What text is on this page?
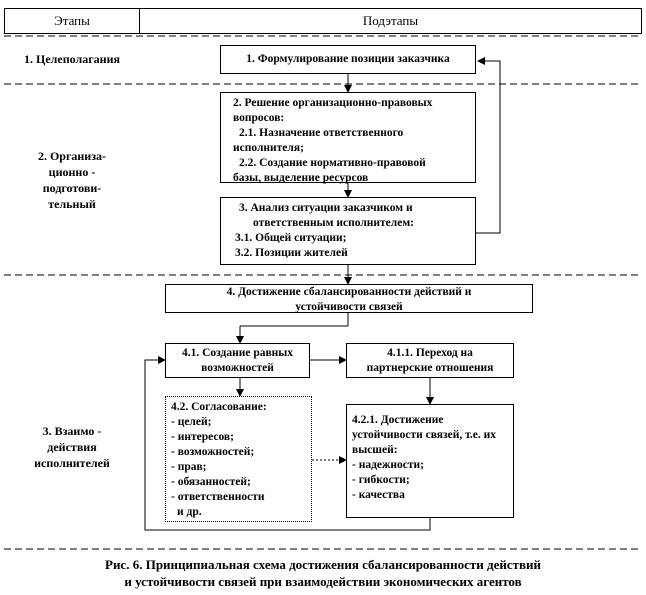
Этапы	Подэтапы
1. Целеполагания
2. Организа-
ционно -
подготови-
тельный
3. Взаимо -
действия
исполнителей
1. Формулирование позиции заказчика
2. Решение организационно-правовых
вопросов:
2.1. Назначение ответственного
исполнителя;
2.2. Создание нормативно-правовой
базы, выделение ресурсов
3. Анализ ситуации заказчиком и
ответственным исполнителем:
3.1. Общей ситуации;
3.2. Позиции жителей
4. Достижение сбалансированности действий и
устойчивости связей
4.1. Создание равных
возможностей
4.1.1. Переход на
партнерские отношения
4.2. Согласование:
- целей;
- интересов;
- возможностей;
- прав;
- обязанностей;
- ответственности
и др.
4.2.1. Достижение
устойчивости связей, т.е. их
высшей:
- надежности;
- гибкости;
- качества
Рис. 6. Принципиальная схема достижения сбалансированности действий
и устойчивости связей при взаимодействии экономических агентов
